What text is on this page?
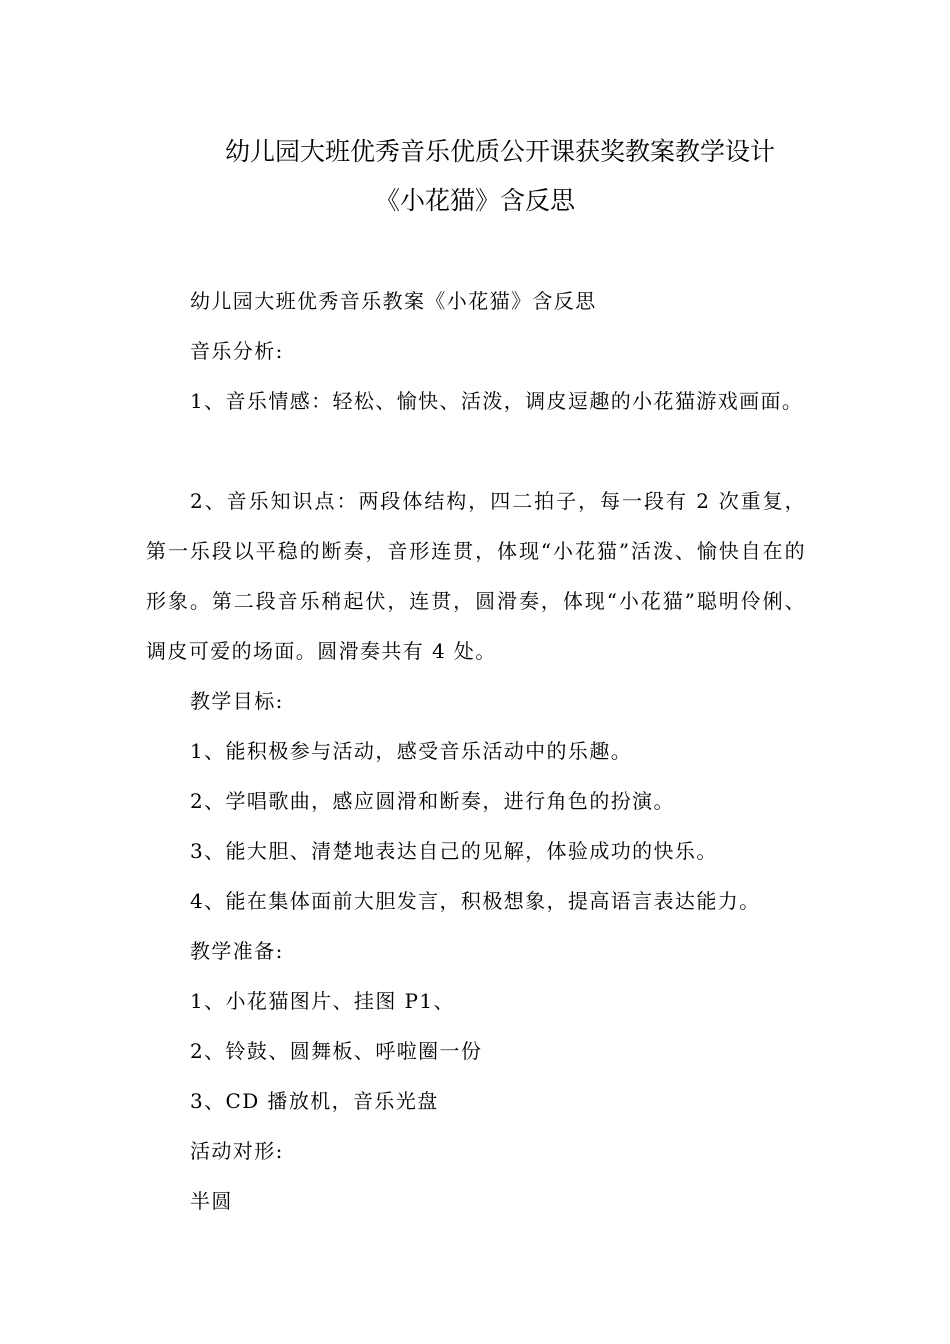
幼儿园大班优秀音乐优质公开课获奖教案教学设计
《小花猫》含反思

幼儿园大班优秀音乐教案《小花猫》含反思

音乐分析:

1、音乐情感：轻松、愉快、活泼，调皮逗趣的小花猫游戏画面。

2、音乐知识点：两段体结构，四二拍子，每一段有 2 次重复，第一乐段以平稳的断奏，音形连贯，体现“小花猫”活泼、愉快自在的形象。第二段音乐稍起伏，连贯，圆滑奏，体现“小花猫”聪明伶俐、调皮可爱的场面。圆滑奏共有 4 处。

教学目标:

1、能积极参与活动，感受音乐活动中的乐趣。

2、学唱歌曲，感应圆滑和断奏，进行角色的扮演。

3、能大胆、清楚地表达自己的见解，体验成功的快乐。

4、能在集体面前大胆发言，积极想象，提高语言表达能力。

教学准备:

1、小花猫图片、挂图 P1、

2、铃鼓、圆舞板、呼啦圈一份

3、CD 播放机，音乐光盘

活动对形:

半圆
